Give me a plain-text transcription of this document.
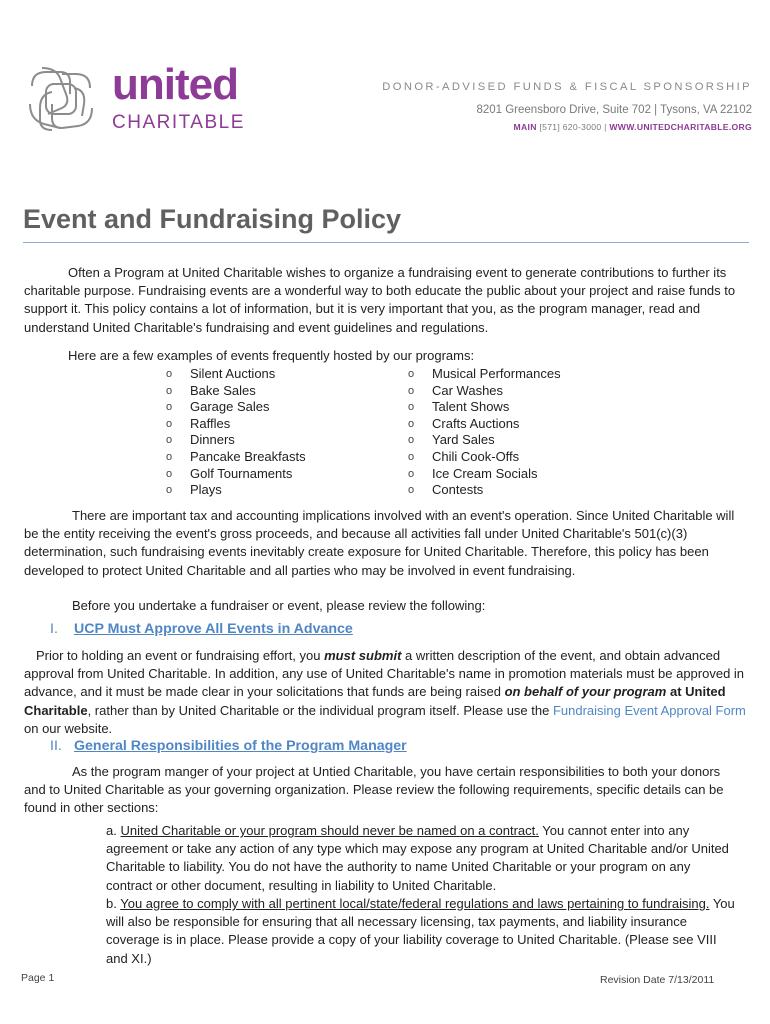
united
CHARITABLE
DONOR-ADVISED FUNDS & FISCAL SPONSORSHIP
8201 Greensboro Drive, Suite 702 | Tysons, VA 22102
MAIN [571] 620-3000 | WWW.UNITEDCHARITABLE.ORG
Event and Fundraising Policy
Often a Program at United Charitable wishes to organize a fundraising event to generate contributions to further its charitable purpose. Fundraising events are a wonderful way to both educate the public about your project and raise funds to support it. This policy contains a lot of information, but it is very important that you, as the program manager, read and understand United Charitable's fundraising and event guidelines and regulations.
Here are a few examples of events frequently hosted by our programs:
o	Silent Auctions
o	Bake Sales
o	Garage Sales
o	Raffles
o	Dinners
o	Pancake Breakfasts
o	Golf Tournaments
o	Plays
o	Musical Performances
o	Car Washes
o	Talent Shows
o	Crafts Auctions
o	Yard Sales
o	Chili Cook-Offs
o	Ice Cream Socials
o	Contests
There are important tax and accounting implications involved with an event's operation. Since United Charitable will be the entity receiving the event's gross proceeds, and because all activities fall under United Charitable's 501(c)(3) determination, such fundraising events inevitably create exposure for United Charitable. Therefore, this policy has been developed to protect United Charitable and all parties who may be involved in event fundraising.
Before you undertake a fundraiser or event, please review the following:
I. UCP Must Approve All Events in Advance
Prior to holding an event or fundraising effort, you must submit a written description of the event, and obtain advanced approval from United Charitable. In addition, any use of United Charitable's name in promotion materials must be approved in advance, and it must be made clear in your solicitations that funds are being raised on behalf of your program at United Charitable, rather than by United Charitable or the individual program itself. Please use the Fundraising Event Approval Form on our website.
II. General Responsibilities of the Program Manager
As the program manger of your project at Untied Charitable, you have certain responsibilities to both your donors and to United Charitable as your governing organization. Please review the following requirements, specific details can be found in other sections:
a. United Charitable or your program should never be named on a contract. You cannot enter into any agreement or take any action of any type which may expose any program at United Charitable and/or United Charitable to liability. You do not have the authority to name United Charitable or your program on any contract or other document, resulting in liability to United Charitable.
b. You agree to comply with all pertinent local/state/federal regulations and laws pertaining to fundraising. You will also be responsible for ensuring that all necessary licensing, tax payments, and liability insurance coverage is in place. Please provide a copy of your liability coverage to United Charitable. (Please see VIII and XI.)
Page 1	Revision Date 7/13/2011
